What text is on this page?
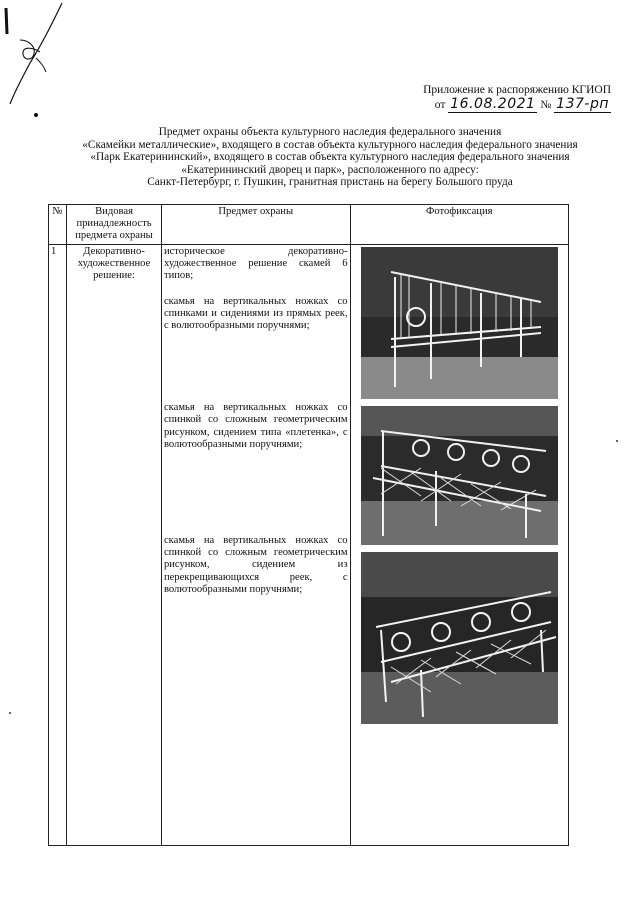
Приложение к распоряжению КГИОП
от 16.08.2021 № 137-рп
Предмет охраны объекта культурного наследия федерального значения
«Скамейки металлические», входящего в состав объекта культурного наследия федерального значения
«Парк Екатерининский», входящего в состав объекта культурного наследия федерального значения
«Екатерининский дворец и парк», расположенного по адресу:
Санкт-Петербург, г. Пушкин, гранитная пристань на берегу Большого пруда
№	Видовая принадлежность предмета охраны	Предмет охраны	Фотофиксация
1	Декоративно-художественное решение:	историческое декоративно-художественное решение скамей 6 типов;

скамья на вертикальных ножках со спинками и сидениями из прямых реек, с волютообразными поручнями;

скамья на вертикальных ножках со спинкой со сложным геометрическим рисунком, сидением типа «плетенка», с волютообразными поручнями;

скамья на вертикальных ножках со спинкой со сложным геометрическим рисунком, сидением из перекрещивающихся реек, с волютообразными поручнями;
